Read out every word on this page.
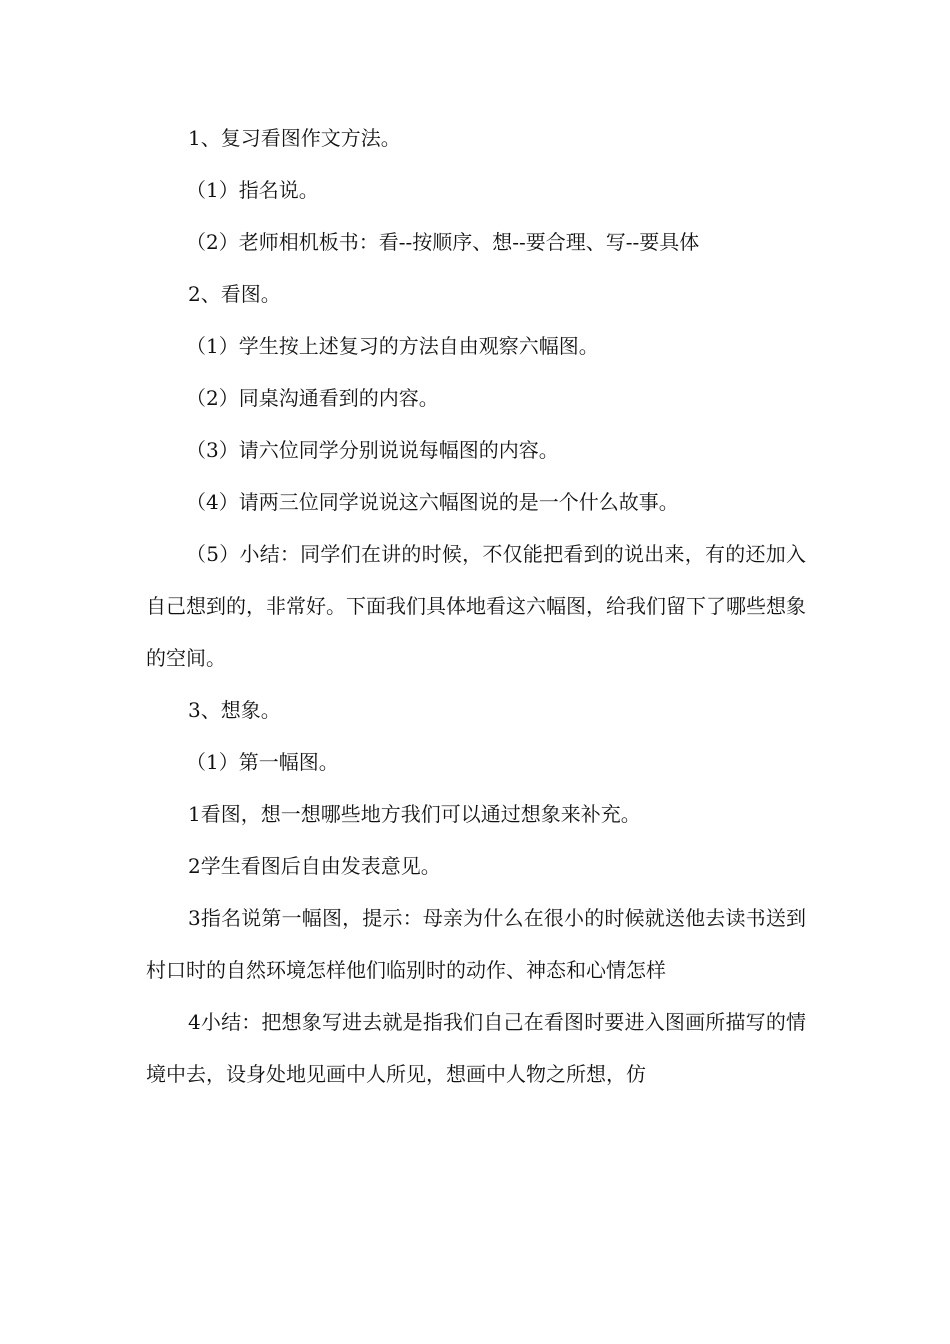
1、复习看图作文方法。

（1）指名说。

（2）老师相机板书：看--按顺序、想--要合理、写--要具体

2、看图。

（1）学生按上述复习的方法自由观察六幅图。

（2）同桌沟通看到的内容。

（3）请六位同学分别说说每幅图的内容。

（4）请两三位同学说说这六幅图说的是一个什么故事。

（5）小结：同学们在讲的时候，不仅能把看到的说出来，有的还加入自己想到的，非常好。下面我们具体地看这六幅图，给我们留下了哪些想象的空间。

3、想象。

（1）第一幅图。

1看图，想一想哪些地方我们可以通过想象来补充。

2学生看图后自由发表意见。

3指名说第一幅图，提示：母亲为什么在很小的时候就送他去读书送到村口时的自然环境怎样他们临别时的动作、神态和心情怎样

4小结：把想象写进去就是指我们自己在看图时要进入图画所描写的情境中去，设身处地见画中人所见，想画中人物之所想，仿
